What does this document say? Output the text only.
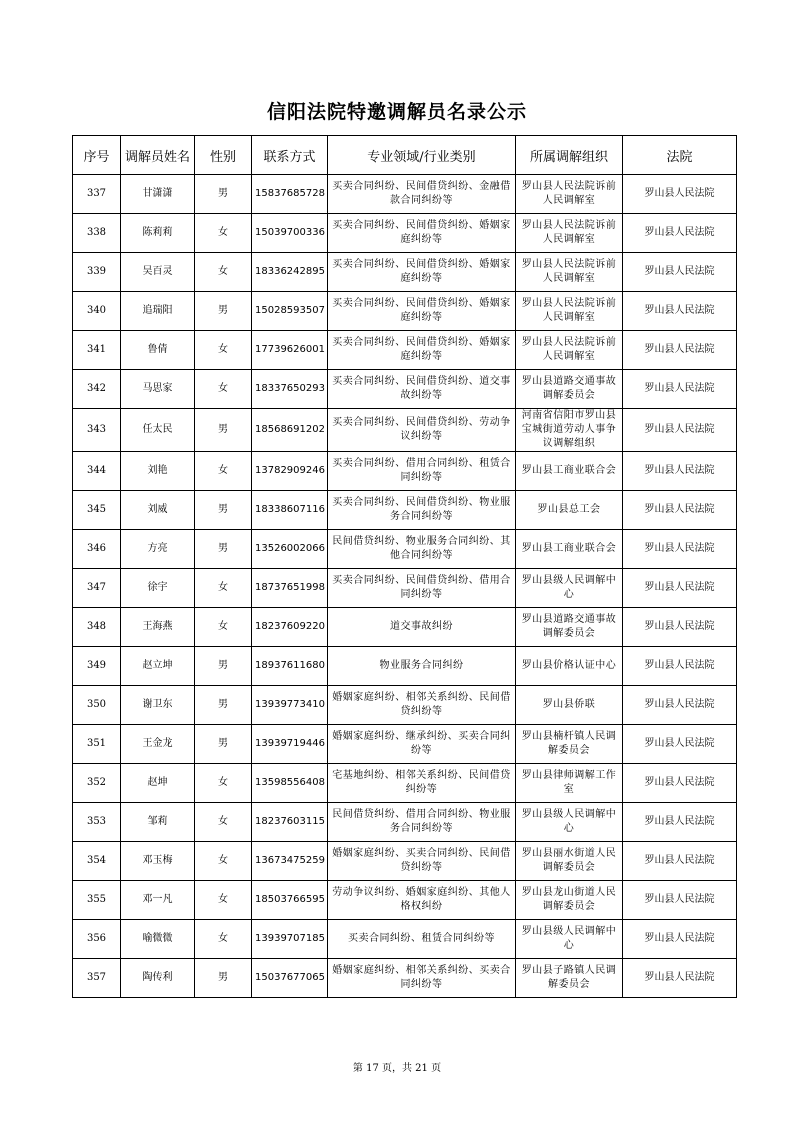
信阳法院特邀调解员名录公示
序号	调解员姓名	性别	联系方式	专业领域/行业类别	所属调解组织	法院
337	甘潇潇	男	15837685728	买卖合同纠纷、民间借贷纠纷、金融借款合同纠纷等	罗山县人民法院诉前人民调解室	罗山县人民法院
338	陈莉莉	女	15039700336	买卖合同纠纷、民间借贷纠纷、婚姻家庭纠纷等	罗山县人民法院诉前人民调解室	罗山县人民法院
339	吴百灵	女	18336242895	买卖合同纠纷、民间借贷纠纷、婚姻家庭纠纷等	罗山县人民法院诉前人民调解室	罗山县人民法院
340	追瑞阳	男	15028593507	买卖合同纠纷、民间借贷纠纷、婚姻家庭纠纷等	罗山县人民法院诉前人民调解室	罗山县人民法院
341	鲁倩	女	17739626001	买卖合同纠纷、民间借贷纠纷、婚姻家庭纠纷等	罗山县人民法院诉前人民调解室	罗山县人民法院
342	马思家	女	18337650293	买卖合同纠纷、民间借贷纠纷、道交事故纠纷等	罗山县道路交通事故调解委员会	罗山县人民法院
343	任太民	男	18568691202	买卖合同纠纷、民间借贷纠纷、劳动争议纠纷等	河南省信阳市罗山县宝城街道劳动人事争议调解组织	罗山县人民法院
344	刘艳	女	13782909246	买卖合同纠纷、借用合同纠纷、租赁合同纠纷等	罗山县工商业联合会	罗山县人民法院
345	刘威	男	18338607116	买卖合同纠纷、民间借贷纠纷、物业服务合同纠纷等	罗山县总工会	罗山县人民法院
346	方亮	男	13526002066	民间借贷纠纷、物业服务合同纠纷、其他合同纠纷等	罗山县工商业联合会	罗山县人民法院
347	徐宇	女	18737651998	买卖合同纠纷、民间借贷纠纷、借用合同纠纷等	罗山县级人民调解中心	罗山县人民法院
348	王海燕	女	18237609220	道交事故纠纷	罗山县道路交通事故调解委员会	罗山县人民法院
349	赵立坤	男	18937611680	物业服务合同纠纷	罗山县价格认证中心	罗山县人民法院
350	谢卫东	男	13939773410	婚姻家庭纠纷、相邻关系纠纷、民间借贷纠纷等	罗山县侨联	罗山县人民法院
351	王金龙	男	13939719446	婚姻家庭纠纷、继承纠纷、买卖合同纠纷等	罗山县楠杆镇人民调解委员会	罗山县人民法院
352	赵坤	女	13598556408	宅基地纠纷、相邻关系纠纷、民间借贷纠纷等	罗山县律师调解工作室	罗山县人民法院
353	邹莉	女	18237603115	民间借贷纠纷、借用合同纠纷、物业服务合同纠纷等	罗山县级人民调解中心	罗山县人民法院
354	邓玉梅	女	13673475259	婚姻家庭纠纷、买卖合同纠纷、民间借贷纠纷等	罗山县丽水街道人民调解委员会	罗山县人民法院
355	邓一凡	女	18503766595	劳动争议纠纷、婚姻家庭纠纷、其他人格权纠纷	罗山县龙山街道人民调解委员会	罗山县人民法院
356	喻微微	女	13939707185	买卖合同纠纷、租赁合同纠纷等	罗山县级人民调解中心	罗山县人民法院
357	陶传利	男	15037677065	婚姻家庭纠纷、相邻关系纠纷、买卖合同纠纷等	罗山县子路镇人民调解委员会	罗山县人民法院
第 17 页，共 21 页
